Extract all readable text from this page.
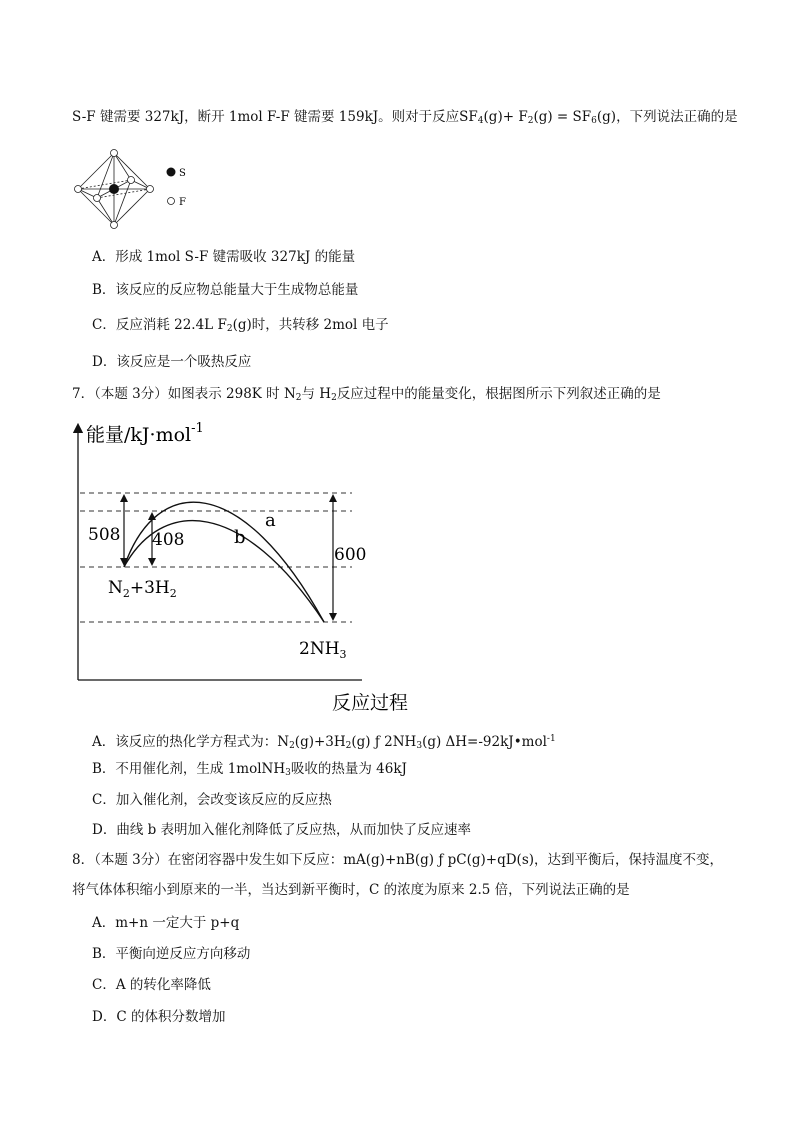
S-F 键需要 327kJ，断开 1mol F-F 键需要 159kJ。则对于反应$SF_4(g)+ F_2(g) = SF_6(g)$，下列说法正确的是
S
F
A．形成 1mol S-F 键需吸收 327kJ 的能量
B．该反应的反应物总能量大于生成物总能量
C．反应消耗 22.4L $F_2(g)$时，共转移 2mol 电子
D．该反应是一个吸热反应
7．（本题 3分）如图表示 298K 时 $N_2$与 $H_2$反应过程中的能量变化，根据图所示下列叙述正确的是
能量/kJ·mol$^{-1}$
反应过程
a
b
508 408
600
$N_2+3H_2$
$2NH_3$
A．该反应的热化学方程式为：$N_2(g)+3H_2(g)$ ƒ $2NH_3(g)$ ΔH=-92kJ•mol$^{-1}$
B．不用催化剂，生成 1molNH$_3$吸收的热量为 46kJ
C．加入催化剂，会改变该反应的反应热
D．曲线 b 表明加入催化剂降低了反应热，从而加快了反应速率
8．（本题 3分）在密闭容器中发生如下反应：mA(g)+nB(g) ƒ pC(g)+qD(s)，达到平衡后，保持温度不变，
将气体体积缩小到原来的一半，当达到新平衡时，C 的浓度为原来 2.5 倍，下列说法正确的是
A．m+n 一定大于 p+q
B．平衡向逆反应方向移动
C．A 的转化率降低
D．C 的体积分数增加
